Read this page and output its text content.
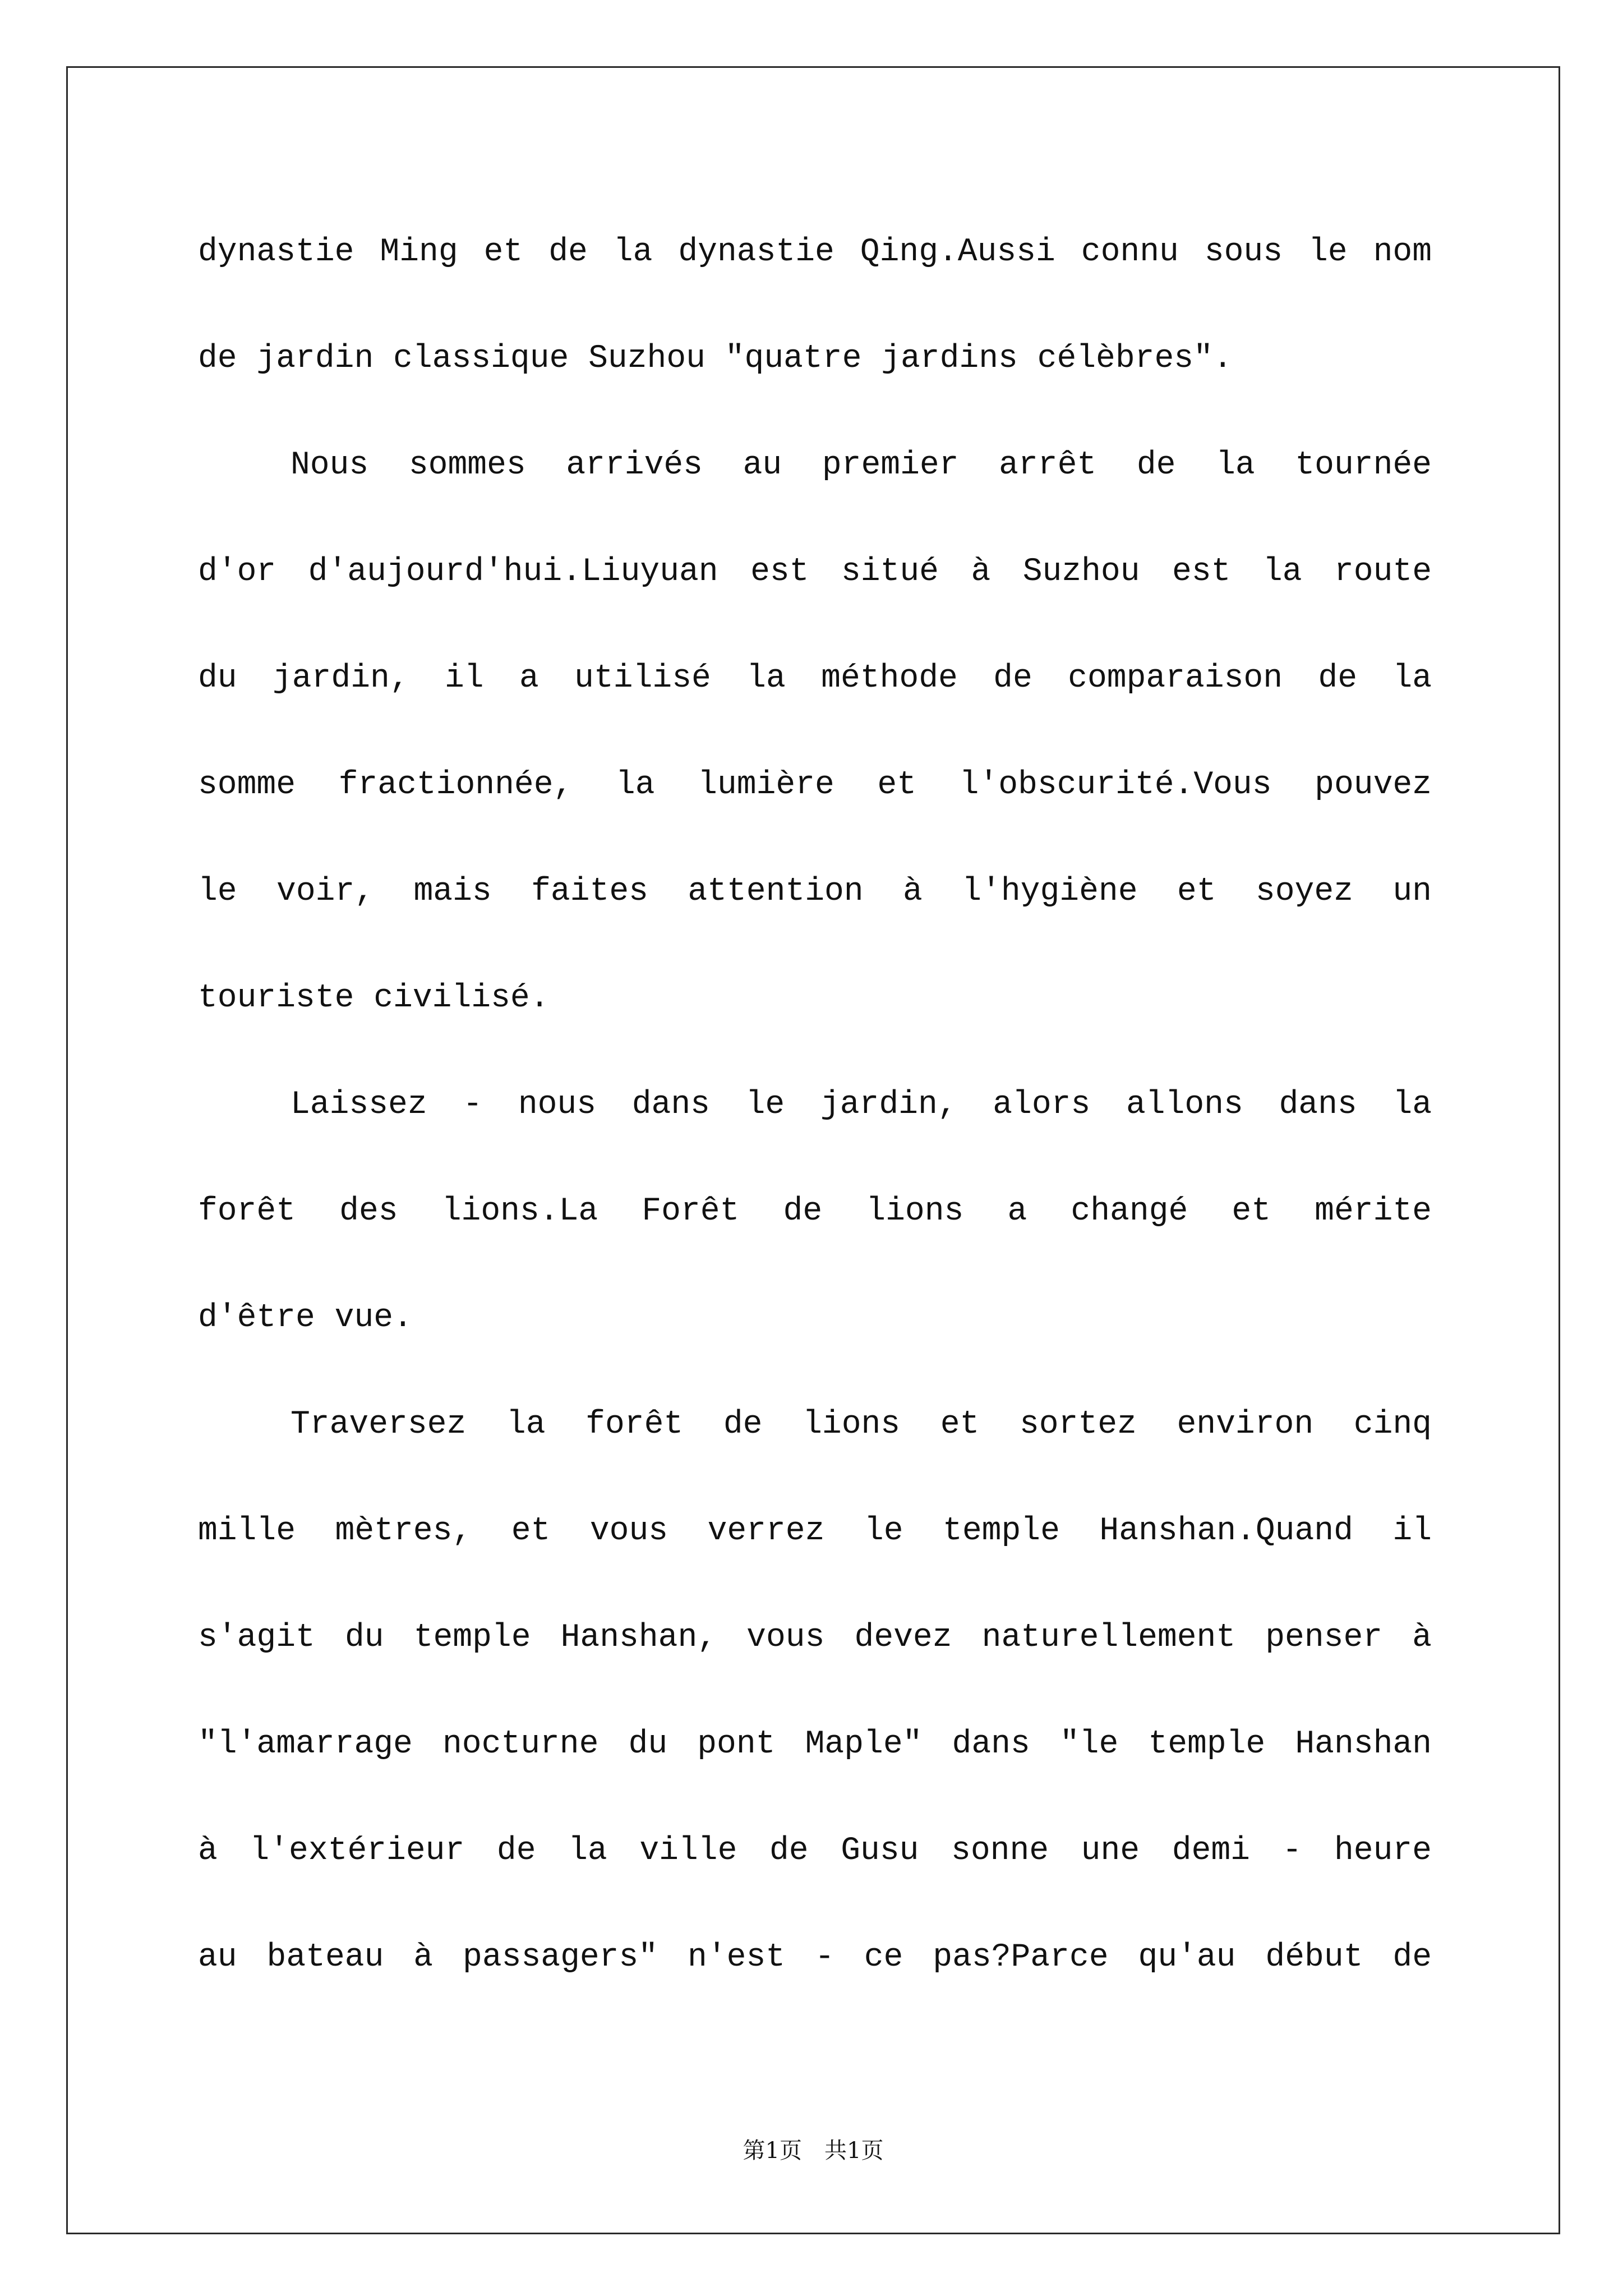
dynastie Ming et de la dynastie Qing.Aussi connu sous le nom
de jardin classique Suzhou "quatre jardins célèbres".
Nous sommes arrivés au premier arrêt de la tournée
d'or d'aujourd'hui.Liuyuan est situé à Suzhou est la route
du jardin, il a utilisé la méthode de comparaison de la
somme fractionnée, la lumière et l'obscurité.Vous pouvez
le voir, mais faites attention à l'hygiène et soyez un
touriste civilisé.
Laissez - nous dans le jardin, alors allons dans la
forêt des lions.La Forêt de lions a changé et mérite
d'être vue.
Traversez la forêt de lions et sortez environ cinq
mille mètres, et vous verrez le temple Hanshan.Quand il
s'agit du temple Hanshan, vous devez naturellement penser à
"l'amarrage nocturne du pont Maple" dans "le temple Hanshan
à l'extérieur de la ville de Gusu sonne une demi - heure
au bateau à passagers" n'est - ce pas?Parce qu'au début de
第1页　共1页
